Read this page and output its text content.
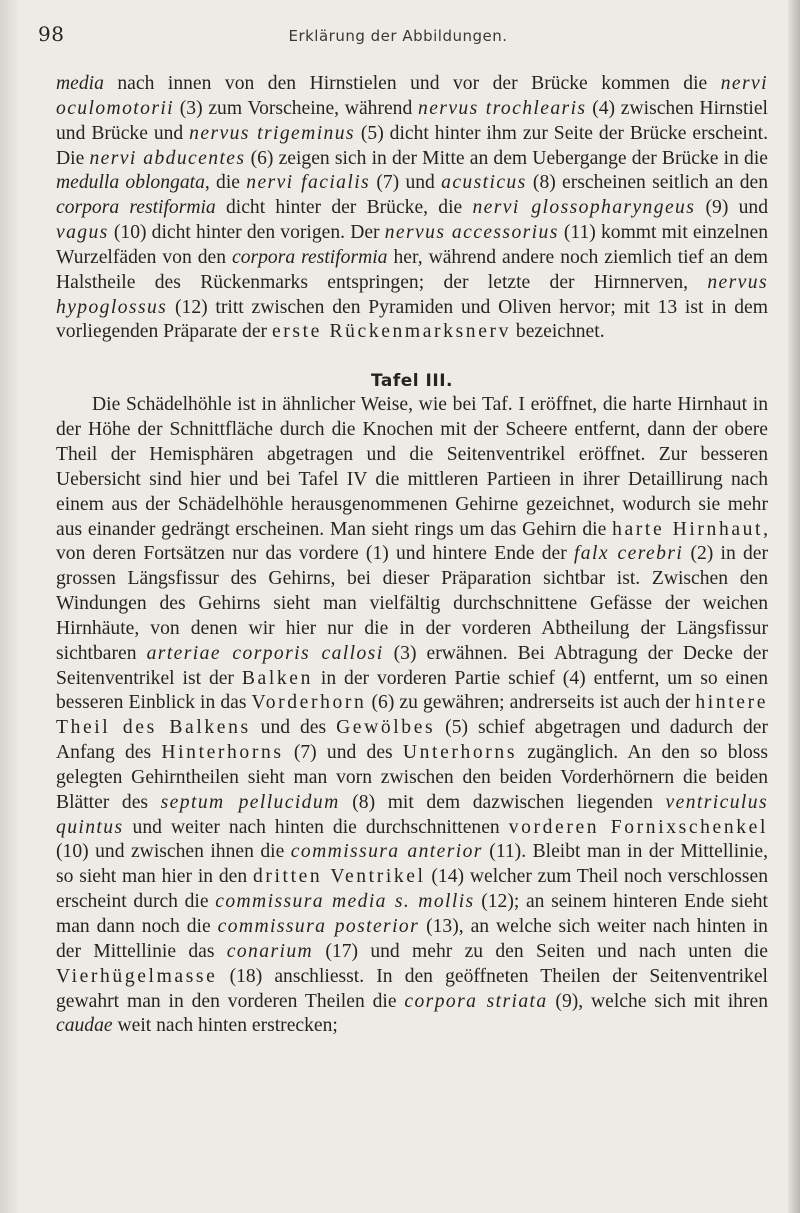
98	Erklärung der Abbildungen.

media nach innen von den Hirnstielen und vor der Brücke kommen die nervi oculomotorii (3) zum Vorscheine, während nervus trochlearis (4) zwischen Hirnstiel und Brücke und nervus trigeminus (5) dicht hinter ihm zur Seite der Brücke erscheint. Die nervi abducentes (6) zeigen sich in der Mitte an dem Uebergange der Brücke in die medulla oblongata, die nervi facialis (7) und acusticus (8) erscheinen seitlich an den corpora restiformia dicht hinter der Brücke, die nervi glossopharyngeus (9) und vagus (10) dicht hinter den vorigen. Der nervus accessorius (11) kommt mit einzelnen Wurzelfäden von den corpora restiformia her, während andere noch ziemlich tief an dem Halstheile des Rückenmarks entspringen; der letzte der Hirnnerven, nervus hypoglossus (12) tritt zwischen den Pyramiden und Oliven hervor; mit 13 ist in dem vorliegenden Präparate der erste Rückenmarksnerv bezeichnet.

Tafel III.

Die Schädelhöhle ist in ähnlicher Weise, wie bei Taf. I eröffnet, die harte Hirnhaut in der Höhe der Schnittfläche durch die Knochen mit der Scheere entfernt, dann der obere Theil der Hemisphären abgetragen und die Seitenventrikel eröffnet. Zur besseren Uebersicht sind hier und bei Tafel IV die mittleren Partieen in ihrer Detaillirung nach einem aus der Schädelhöhle herausgenommenen Gehirne gezeichnet, wodurch sie mehr aus einander gedrängt erscheinen. Man sieht rings um das Gehirn die harte Hirnhaut, von deren Fortsätzen nur das vordere (1) und hintere Ende der falx cerebri (2) in der grossen Längsfissur des Gehirns, bei dieser Präparation sichtbar ist. Zwischen den Windungen des Gehirns sieht man vielfältig durchschnittene Gefässe der weichen Hirnhäute, von denen wir hier nur die in der vorderen Abtheilung der Längsfissur sichtbaren arteriae corporis callosi (3) erwähnen. Bei Abtragung der Decke der Seitenventrikel ist der Balken in der vorderen Partie schief (4) entfernt, um so einen besseren Einblick in das Vorderhorn (6) zu gewähren; andrerseits ist auch der hintere Theil des Balkens und des Gewölbes (5) schief abgetragen und dadurch der Anfang des Hinterhorns (7) und des Unterhorns zugänglich. An den so bloss gelegten Gehirntheilen sieht man vorn zwischen den beiden Vorderhörnern die beiden Blätter des septum pellucidum (8) mit dem dazwischen liegenden ventriculus quintus und weiter nach hinten die durchschnittenen vorderen Fornixschenkel (10) und zwischen ihnen die commissura anterior (11). Bleibt man in der Mittellinie, so sieht man hier in den dritten Ventrikel (14) welcher zum Theil noch verschlossen erscheint durch die commissura media s. mollis (12); an seinem hinteren Ende sieht man dann noch die commissura posterior (13), an welche sich weiter nach hinten in der Mittellinie das conarium (17) und mehr zu den Seiten und nach unten die Vierhügelmasse (18) anschliesst. In den geöffneten Theilen der Seitenventrikel gewahrt man in den vorderen Theilen die corpora striata (9), welche sich mit ihren caudae weit nach hinten erstrecken;
